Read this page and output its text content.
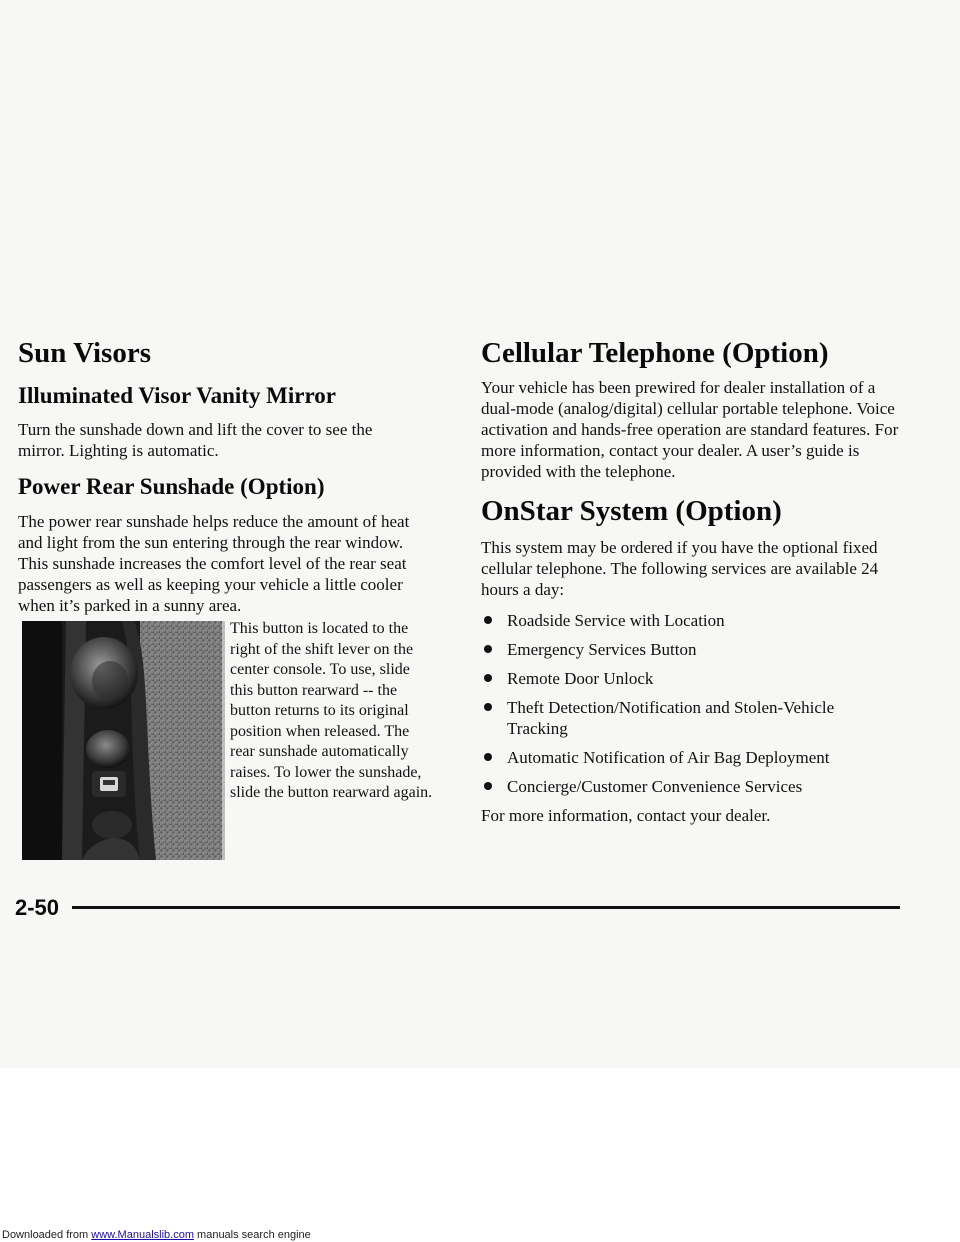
Sun Visors
Illuminated Visor Vanity Mirror

Turn the sunshade down and lift the cover to see the mirror. Lighting is automatic.

Power Rear Sunshade (Option)

The power rear sunshade helps reduce the amount of heat and light from the sun entering through the rear window. This sunshade increases the comfort level of the rear seat passengers as well as keeping your vehicle a little cooler when it’s parked in a sunny area.

This button is located to the right of the shift lever on the center console. To use, slide this button rearward -- the button returns to its original position when released. The rear sunshade automatically raises. To lower the sunshade, slide the button rearward again.

Cellular Telephone (Option)

Your vehicle has been prewired for dealer installation of a dual-mode (analog/digital) cellular portable telephone. Voice activation and hands-free operation are standard features. For more information, contact your dealer. A user’s guide is provided with the telephone.

OnStar System (Option)

This system may be ordered if you have the optional fixed cellular telephone. The following services are available 24 hours a day:

Roadside Service with Location
Emergency Services Button
Remote Door Unlock
Theft Detection/Notification and Stolen-Vehicle Tracking
Automatic Notification of Air Bag Deployment
Concierge/Customer Convenience Services

For more information, contact your dealer.

2-50
Downloaded from www.Manualslib.com manuals search engine
